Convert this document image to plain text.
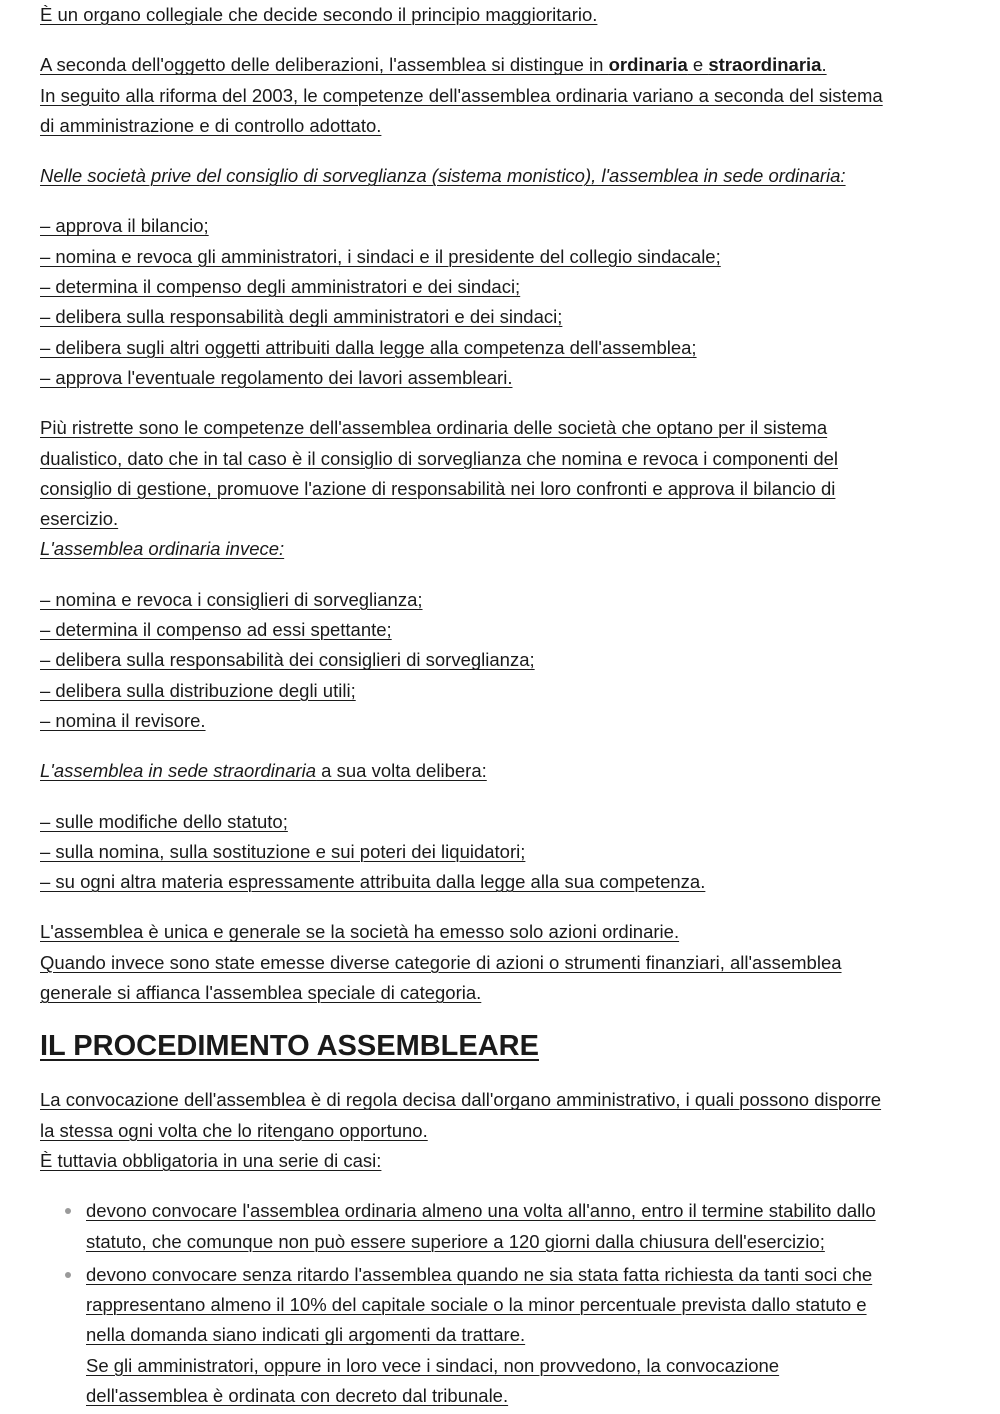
È un organo collegiale che decide secondo il principio maggioritario.

A seconda dell'oggetto delle deliberazioni, l'assemblea si distingue in ordinaria e straordinaria.
In seguito alla riforma del 2003, le competenze dell'assemblea ordinaria variano a seconda del sistema
di amministrazione e di controllo adottato.

Nelle società prive del consiglio di sorveglianza (sistema monistico), l'assemblea in sede ordinaria:

– approva il bilancio;
– nomina e revoca gli amministratori, i sindaci e il presidente del collegio sindacale;
– determina il compenso degli amministratori e dei sindaci;
– delibera sulla responsabilità degli amministratori e dei sindaci;
– delibera sugli altri oggetti attribuiti dalla legge alla competenza dell'assemblea;
– approva l'eventuale regolamento dei lavori assembleari.
Più ristrette sono le competenze dell'assemblea ordinaria delle società che optano per il sistema
dualistico, dato che in tal caso è il consiglio di sorveglianza che nomina e revoca i componenti del
consiglio di gestione, promuove l'azione di responsabilità nei loro confronti e approva il bilancio di
esercizio.
L'assemblea ordinaria invece:
– nomina e revoca i consiglieri di sorveglianza;
– determina il compenso ad essi spettante;
– delibera sulla responsabilità dei consiglieri di sorveglianza;
– delibera sulla distribuzione degli utili;
– nomina il revisore.

L'assemblea in sede straordinaria a sua volta delibera:

– sulle modifiche dello statuto;
– sulla nomina, sulla sostituzione e sui poteri dei liquidatori;
– su ogni altra materia espressamente attribuita dalla legge alla sua competenza.
L'assemblea è unica e generale se la società ha emesso solo azioni ordinarie.
Quando invece sono state emesse diverse categorie di azioni o strumenti finanziari, all'assemblea
generale si affianca l'assemblea speciale di categoria.
IL PROCEDIMENTO ASSEMBLEARE
La convocazione dell'assemblea è di regola decisa dall'organo amministrativo, i quali possono disporre
la stessa ogni volta che lo ritengano opportuno.
È tuttavia obbligatoria in una serie di casi:
devono convocare l'assemblea ordinaria almeno una volta all'anno, entro il termine stabilito dallo
statuto, che comunque non può essere superiore a 120 giorni dalla chiusura dell'esercizio;
devono convocare senza ritardo l'assemblea quando ne sia stata fatta richiesta da tanti soci che
rappresentano almeno il 10% del capitale sociale o la minor percentuale prevista dallo statuto e
nella domanda siano indicati gli argomenti da trattare.
Se gli amministratori, oppure in loro vece i sindaci, non provvedono, la convocazione
dell'assemblea è ordinata con decreto dal tribunale.
